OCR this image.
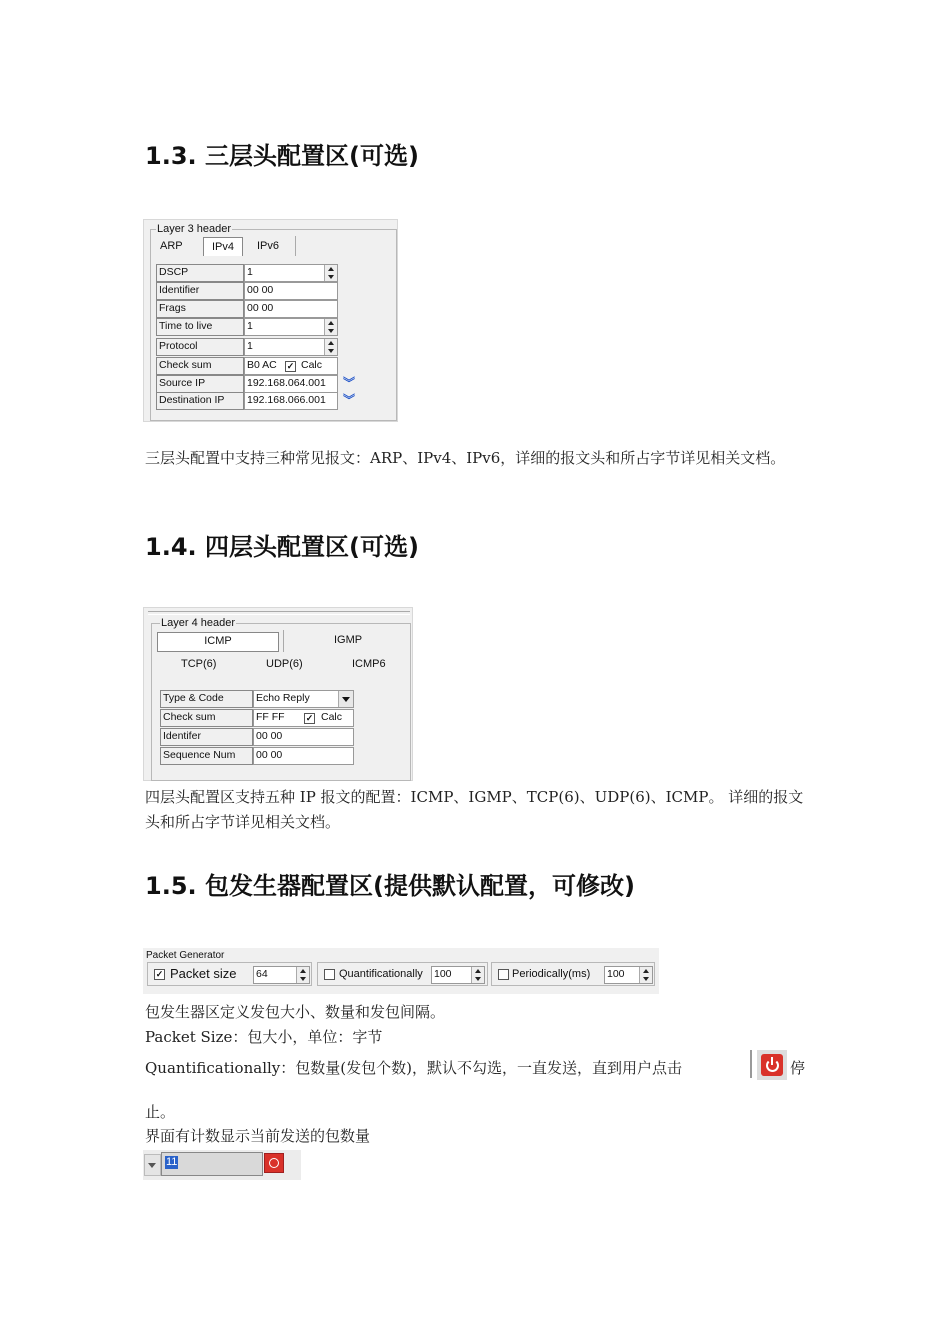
1.3. 三层头配置区(可选)
Layer 3 header
ARP	IPv4	IPv6
DSCP	1
Identifier	00 00
Frags	00 00
Time to live	1
Protocol	1
Check sum	B0 AC ✓ Calc
Source IP	192.168.064.001	︾
Destination IP	192.168.066.001	︾
三层头配置中支持三种常见报文：ARP、IPv4、IPv6，详细的报文头和所占字节详见相关文档。
1.4. 四层头配置区(可选)
Layer 4 header
ICMP	IGMP
TCP(6)	UDP(6)	ICMP6
Type & Code	Echo Reply
Check sum	FF FF ✓ Calc
Identifer	00 00
Sequence Num	00 00
四层头配置区支持五种 IP 报文的配置：ICMP、IGMP、TCP(6)、UDP(6)、ICMP。 详细的报文头和所占字节详见相关文档。
1.5. 包发生器配置区(提供默认配置，可修改)
Packet Generator
✓ Packet size 64	Quantificationally 100	Periodically(ms) 100
包发生器区定义发包大小、数量和发包间隔。
Packet Size：包大小，单位：字节
Quantificationally：包数量(发包个数)，默认不勾选，一直发送，直到用户点击	停
止。
界面有计数显示当前发送的包数量
11
